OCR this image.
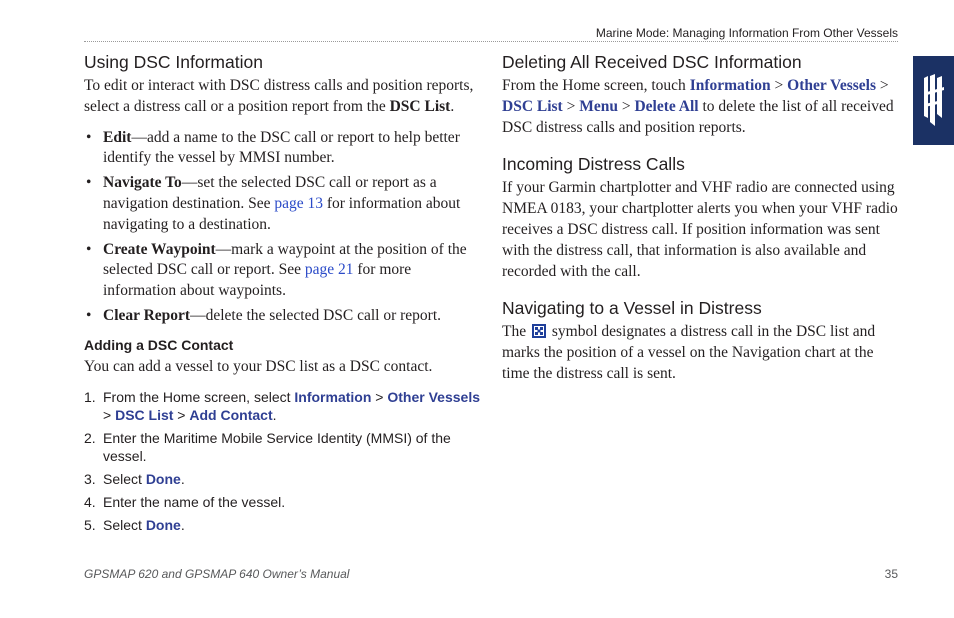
Marine Mode: Managing Information From Other Vessels
Using DSC Information

To edit or interact with DSC distress calls and position reports, select a distress call or a position report from the DSC List.

• Edit—add a name to the DSC call or report to help better identify the vessel by MMSI number.
• Navigate To—set the selected DSC call or report as a navigation destination. See page 13 for information about navigating to a destination.
• Create Waypoint—mark a waypoint at the position of the selected DSC call or report. See page 21 for more information about waypoints.
• Clear Report—delete the selected DSC call or report.
Adding a DSC Contact

You can add a vessel to your DSC list as a DSC contact.

1. From the Home screen, select Information > Other Vessels > DSC List > Add Contact.
2. Enter the Maritime Mobile Service Identity (MMSI) of the vessel.
3. Select Done.
4. Enter the name of the vessel.
5. Select Done.
Deleting All Received DSC Information

From the Home screen, touch Information > Other Vessels > DSC List > Menu > Delete All to delete the list of all received DSC distress calls and position reports.

Incoming Distress Calls

If your Garmin chartplotter and VHF radio are connected using NMEA 0183, your chartplotter alerts you when your VHF radio receives a DSC distress call. If position information was sent with the distress call, that information is also available and recorded with the call.

Navigating to a Vessel in Distress

The  symbol designates a distress call in the DSC list and marks the position of a vessel on the Navigation chart at the time the distress call is sent.

GPSMAP 620 and GPSMAP 640 Owner’s Manual	35
